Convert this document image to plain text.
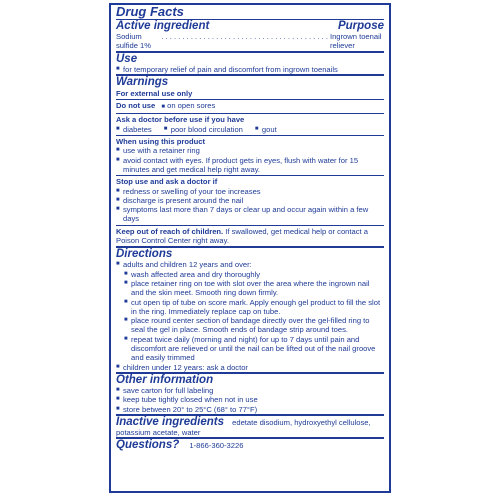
Drug Facts
Active ingredient	Purpose
Sodium sulfide 1%
. . . . . . . . . . . . . . . . . . . . . . . . . . . . . . . . . . . . . . . . Ingrown toenail reliever
Use
■ for temporary relief of pain and discomfort from ingrown toenails
Warnings
For external use only
Do not use ■ on open sores
Ask a doctor before use if you have
■ diabetes ■ poor blood circulation ■ gout
When using this product
■ use with a retainer ring
■ avoid contact with eyes. If product gets in eyes, flush with water for 15 minutes and get medical help right away.
Stop use and ask a doctor if
■ redness or swelling of your toe increases
■ discharge is present around the nail
■ symptoms last more than 7 days or clear up and occur again within a few days
Keep out of reach of children. If swallowed, get medical help or contact a Poison Control Center right away.
Directions
■ adults and children 12 years and over:
■ wash affected area and dry thoroughly
■ place retainer ring on toe with slot over the area where the ingrown nail and the skin meet. Smooth ring down firmly.
■ cut open tip of tube on score mark. Apply enough gel product to fill the slot in the ring. Immediately replace cap on tube.
■ place round center section of bandage directly over the gel-filled ring to seal the gel in place. Smooth ends of bandage strip around toes.
■ repeat twice daily (morning and night) for up to 7 days until pain and discomfort are relieved or until the nail can be lifted out of the nail groove and easily trimmed
■ children under 12 years: ask a doctor
Other information
■ save carton for full labeling
■ keep tube tightly closed when not in use
■ store between 20° to 25°C (68° to 77°F)
Inactive ingredients edetate disodium, hydroxyethyl cellulose, potassium acetate, water
Questions? 1-866-360-3226
